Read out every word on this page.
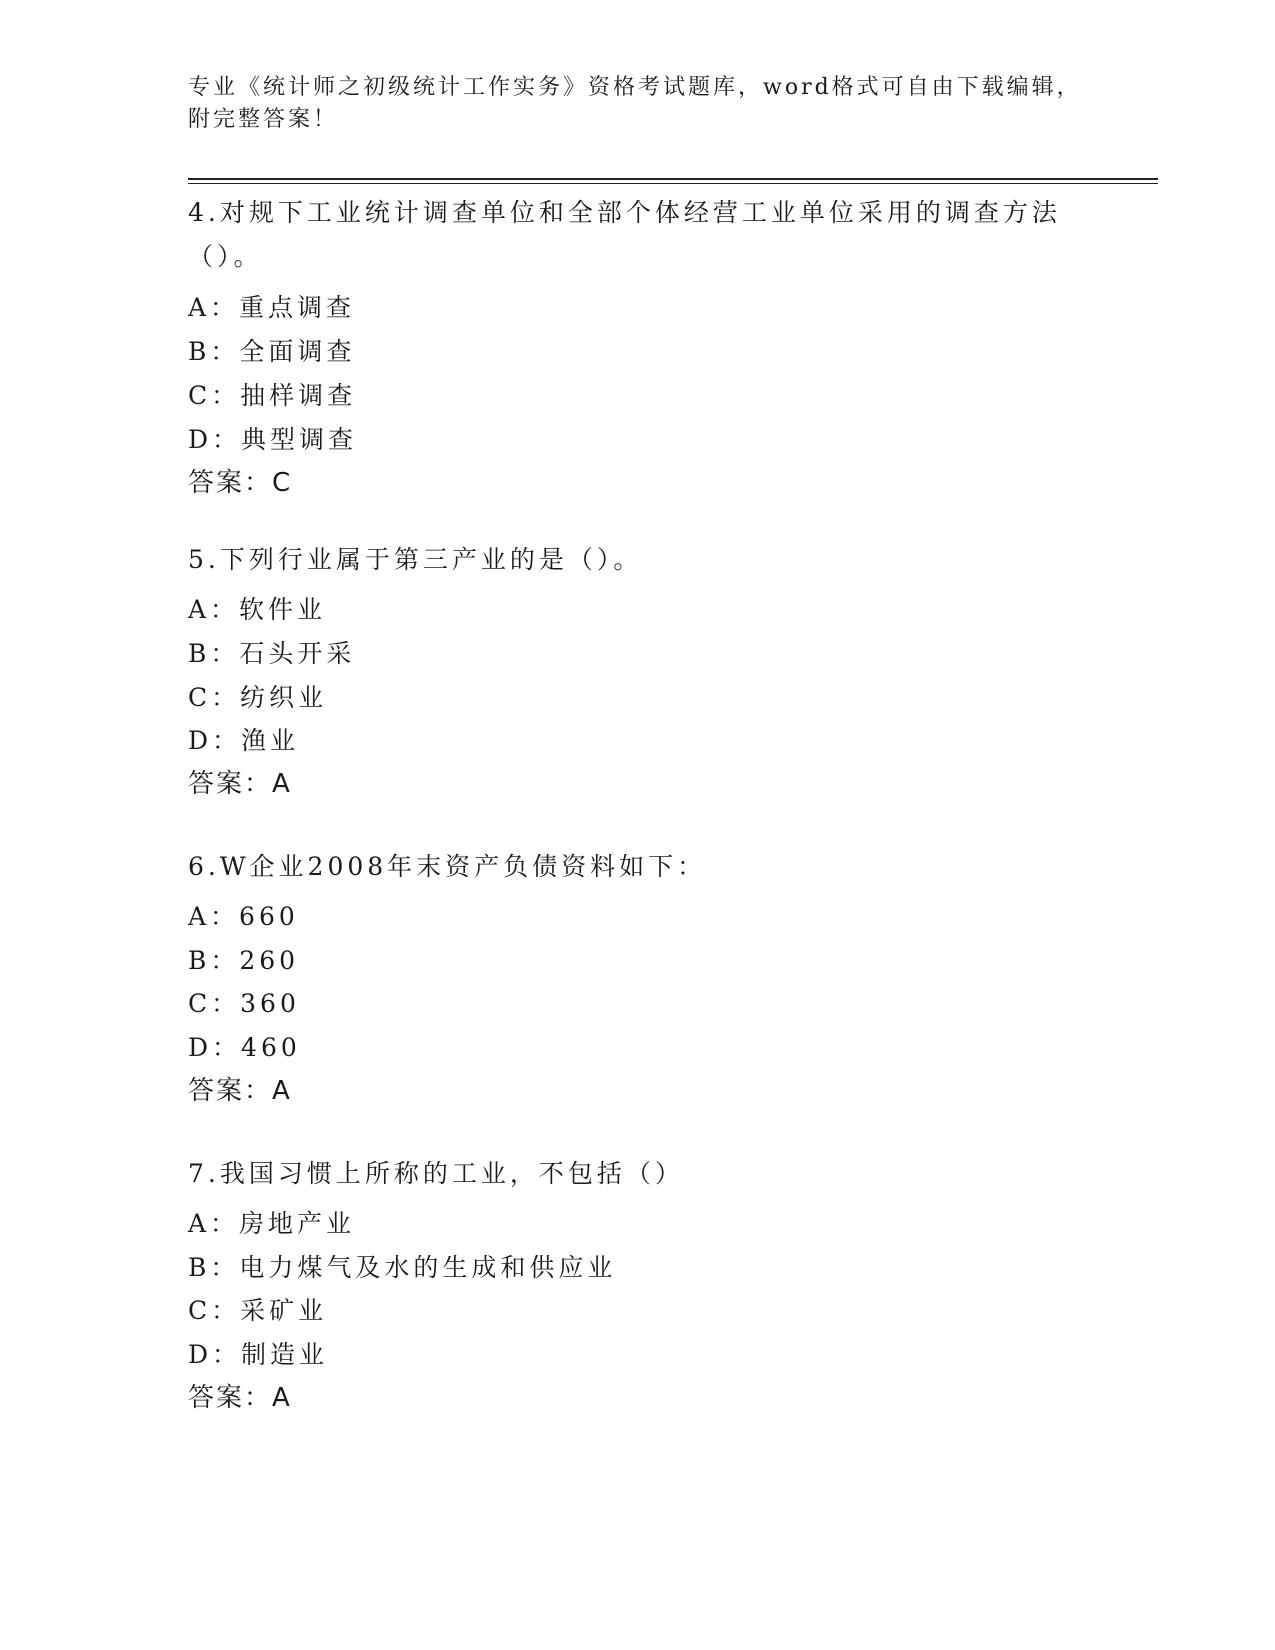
专业《统计师之初级统计工作实务》资格考试题库，word格式可自由下载编辑，
附完整答案！
4.对规下工业统计调查单位和全部个体经营工业单位采用的调查方法
（）。
A：重点调查
B：全面调查
C：抽样调查
D：典型调查
答案：C
5.下列行业属于第三产业的是（）。
A：软件业
B：石头开采
C：纺织业
D：渔业
答案：A
6.W企业2008年末资产负债资料如下：
A：660
B：260
C：360
D：460
答案：A
7.我国习惯上所称的工业，不包括（）
A：房地产业
B：电力煤气及水的生成和供应业
C：采矿业
D：制造业
答案：A
